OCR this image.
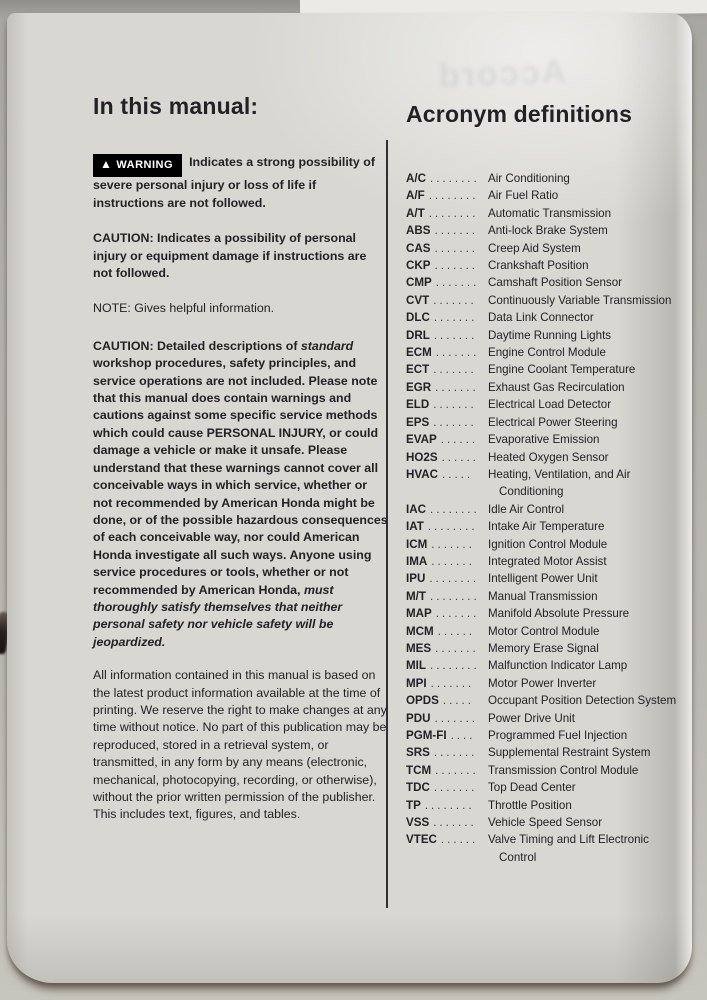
Accord
In this manual:

▲ WARNING Indicates a strong possibility of severe personal injury or loss of life if instructions are not followed.

CAUTION: Indicates a possibility of personal injury or equipment damage if instructions are not followed.

NOTE: Gives helpful information.

CAUTION: Detailed descriptions of standard workshop procedures, safety principles, and service operations are not included. Please note that this manual does contain warnings and cautions against some specific service methods which could cause PERSONAL INJURY, or could damage a vehicle or make it unsafe. Please understand that these warnings cannot cover all conceivable ways in which service, whether or not recommended by American Honda might be done, or of the possible hazardous consequences of each conceivable way, nor could American Honda investigate all such ways. Anyone using service procedures or tools, whether or not recommended by American Honda, must thoroughly satisfy themselves that neither personal safety nor vehicle safety will be jeopardized.

All information contained in this manual is based on the latest product information available at the time of printing. We reserve the right to make changes at any time without notice. No part of this publication may be reproduced, stored in a retrieval system, or transmitted, in any form by any means (electronic, mechanical, photocopying, recording, or otherwise), without the prior written permission of the publisher. This includes text, figures, and tables.

Acronym definitions
A/C ........ Air Conditioning
A/F ........ Air Fuel Ratio
A/T ........ Automatic Transmission
ABS ....... Anti-lock Brake System
CAS ....... Creep Aid System
CKP ....... Crankshaft Position
CMP ....... Camshaft Position Sensor
CVT ....... Continuously Variable Transmission
DLC ....... Data Link Connector
DRL ....... Daytime Running Lights
ECM ....... Engine Control Module
ECT ....... Engine Coolant Temperature
EGR ....... Exhaust Gas Recirculation
ELD ....... Electrical Load Detector
EPS ....... Electrical Power Steering
EVAP ...... Evaporative Emission
HO2S ...... Heated Oxygen Sensor
HVAC .....	Heating, Ventilation, and Air Conditioning
IAC ........ Idle Air Control
IAT ........ Intake Air Temperature
ICM .......	Ignition Control Module
IMA .......	Integrated Motor Assist
IPU ........ Intelligent Power Unit
M/T ........ Manual Transmission
MAP ....... Manifold Absolute Pressure
MCM ......	Motor Control Module
MES ....... Memory Erase Signal
MIL ........ Malfunction Indicator Lamp
MPI .......	Motor Power Inverter
OPDS .....	Occupant Position Detection System
PDU ....... Power Drive Unit
PGM-FI ....	Programmed Fuel Injection
SRS ....... Supplemental Restraint System
TCM ....... Transmission Control Module
TDC ....... Top Dead Center
TP ........	Throttle Position
VSS ....... Vehicle Speed Sensor
VTEC ...... Valve Timing and Lift Electronic Control
